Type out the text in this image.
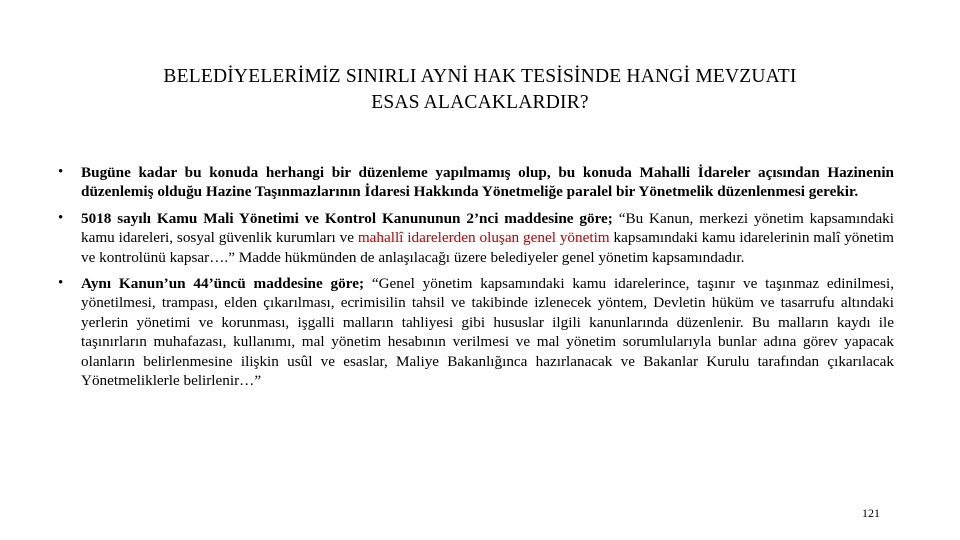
BELEDİYELERİMİZ SINIRLI AYNİ HAK TESİSİNDE HANGİ MEVZUATI
ESAS ALACAKLARDIR?
• Bugüne kadar bu konuda herhangi bir düzenleme yapılmamış olup, bu konuda Mahalli İdareler açısından Hazinenin düzenlemiş olduğu Hazine Taşınmazlarının İdaresi Hakkında Yönetmeliğe paralel bir Yönetmelik düzenlenmesi gerekir.
• 5018 sayılı Kamu Mali Yönetimi ve Kontrol Kanununun 2’nci maddesine göre; “Bu Kanun, merkezi yönetim kapsamındaki kamu idareleri, sosyal güvenlik kurumları ve mahallî idarelerden oluşan genel yönetim kapsamındaki kamu idarelerinin malî yönetim ve kontrolünü kapsar….” Madde hükmünden de anlaşılacağı üzere belediyeler genel yönetim kapsamındadır.
• Aynı Kanun’un 44’üncü maddesine göre; “Genel yönetim kapsamındaki kamu idarelerince, taşınır ve taşınmaz edinilmesi, yönetilmesi, trampası, elden çıkarılması, ecrimisilin tahsil ve takibinde izlenecek yöntem, Devletin hüküm ve tasarrufu altındaki yerlerin yönetimi ve korunması, işgalli malların tahliyesi gibi hususlar ilgili kanunlarında düzenlenir. Bu malların kaydı ile taşınırların muhafazası, kullanımı, mal yönetim hesabının verilmesi ve mal yönetim sorumlularıyla bunlar adına görev yapacak olanların belirlenmesine ilişkin usûl ve esaslar, Maliye Bakanlığınca hazırlanacak ve Bakanlar Kurulu tarafından çıkarılacak Yönetmeliklerle belirlenir…”
121
